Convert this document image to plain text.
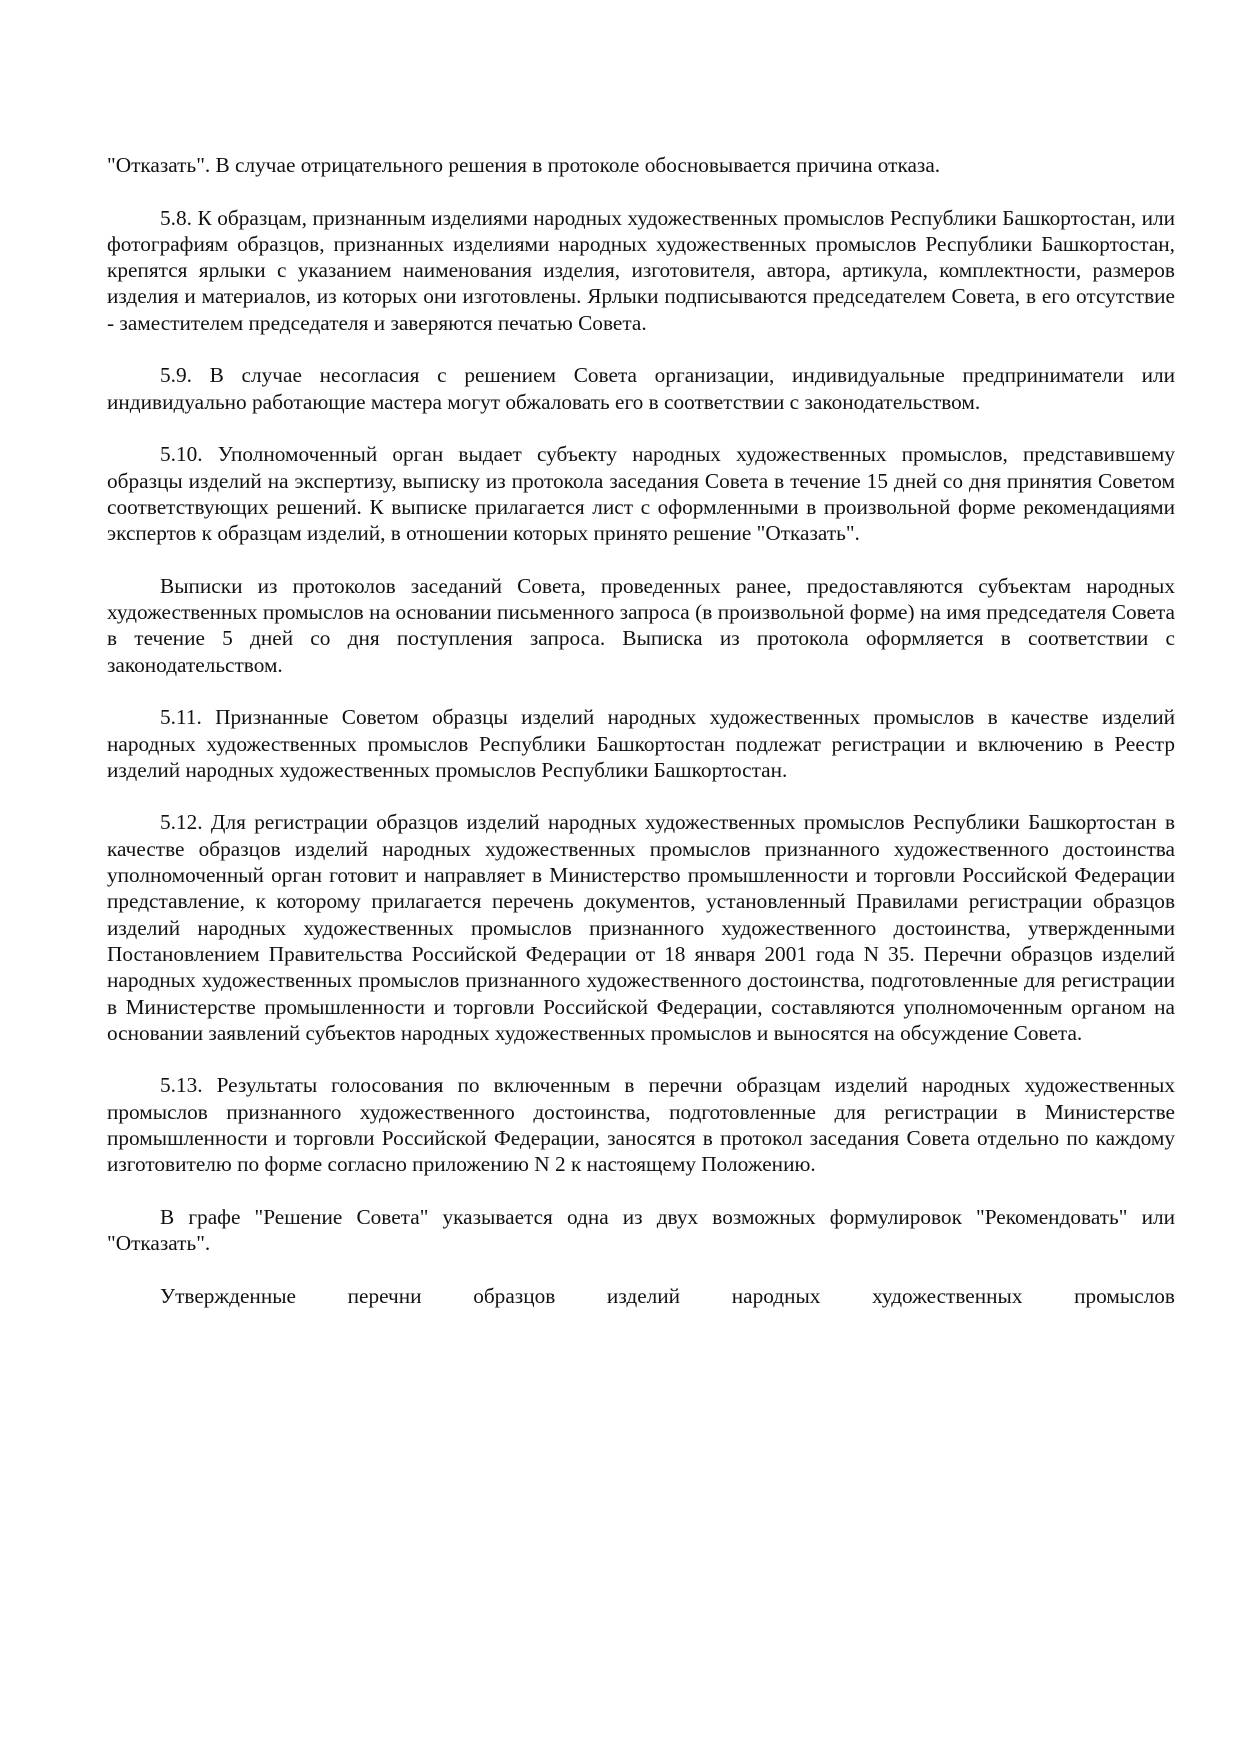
"Отказать". В случае отрицательного решения в протоколе обосновывается причина отказа.

5.8. К образцам, признанным изделиями народных художественных промыслов Республики Башкортостан, или фотографиям образцов, признанных изделиями народных художественных промыслов Республики Башкортостан, крепятся ярлыки с указанием наименования изделия, изготовителя, автора, артикула, комплектности, размеров изделия и материалов, из которых они изготовлены. Ярлыки подписываются председателем Совета, в его отсутствие - заместителем председателя и заверяются печатью Совета.

5.9. В случае несогласия с решением Совета организации, индивидуальные предприниматели или индивидуально работающие мастера могут обжаловать его в соответствии с законодательством.

5.10. Уполномоченный орган выдает субъекту народных художественных промыслов, представившему образцы изделий на экспертизу, выписку из протокола заседания Совета в течение 15 дней со дня принятия Советом соответствующих решений. К выписке прилагается лист с оформленными в произвольной форме рекомендациями экспертов к образцам изделий, в отношении которых принято решение "Отказать".

Выписки из протоколов заседаний Совета, проведенных ранее, предоставляются субъектам народных художественных промыслов на основании письменного запроса (в произвольной форме) на имя председателя Совета в течение 5 дней со дня поступления запроса. Выписка из протокола оформляется в соответствии с законодательством.

5.11. Признанные Советом образцы изделий народных художественных промыслов в качестве изделий народных художественных промыслов Республики Башкортостан подлежат регистрации и включению в Реестр изделий народных художественных промыслов Республики Башкортостан.

5.12. Для регистрации образцов изделий народных художественных промыслов Республики Башкортостан в качестве образцов изделий народных художественных промыслов признанного художественного достоинства уполномоченный орган готовит и направляет в Министерство промышленности и торговли Российской Федерации представление, к которому прилагается перечень документов, установленный Правилами регистрации образцов изделий народных художественных промыслов признанного художественного достоинства, утвержденными Постановлением Правительства Российской Федерации от 18 января 2001 года N 35. Перечни образцов изделий народных художественных промыслов признанного художественного достоинства, подготовленные для регистрации в Министерстве промышленности и торговли Российской Федерации, составляются уполномоченным органом на основании заявлений субъектов народных художественных промыслов и выносятся на обсуждение Совета.

5.13. Результаты голосования по включенным в перечни образцам изделий народных художественных промыслов признанного художественного достоинства, подготовленные для регистрации в Министерстве промышленности и торговли Российской Федерации, заносятся в протокол заседания Совета отдельно по каждому изготовителю по форме согласно приложению N 2 к настоящему Положению.

В графе "Решение Совета" указывается одна из двух возможных формулировок "Рекомендовать" или "Отказать".

Утвержденные перечни образцов изделий народных художественных промыслов
